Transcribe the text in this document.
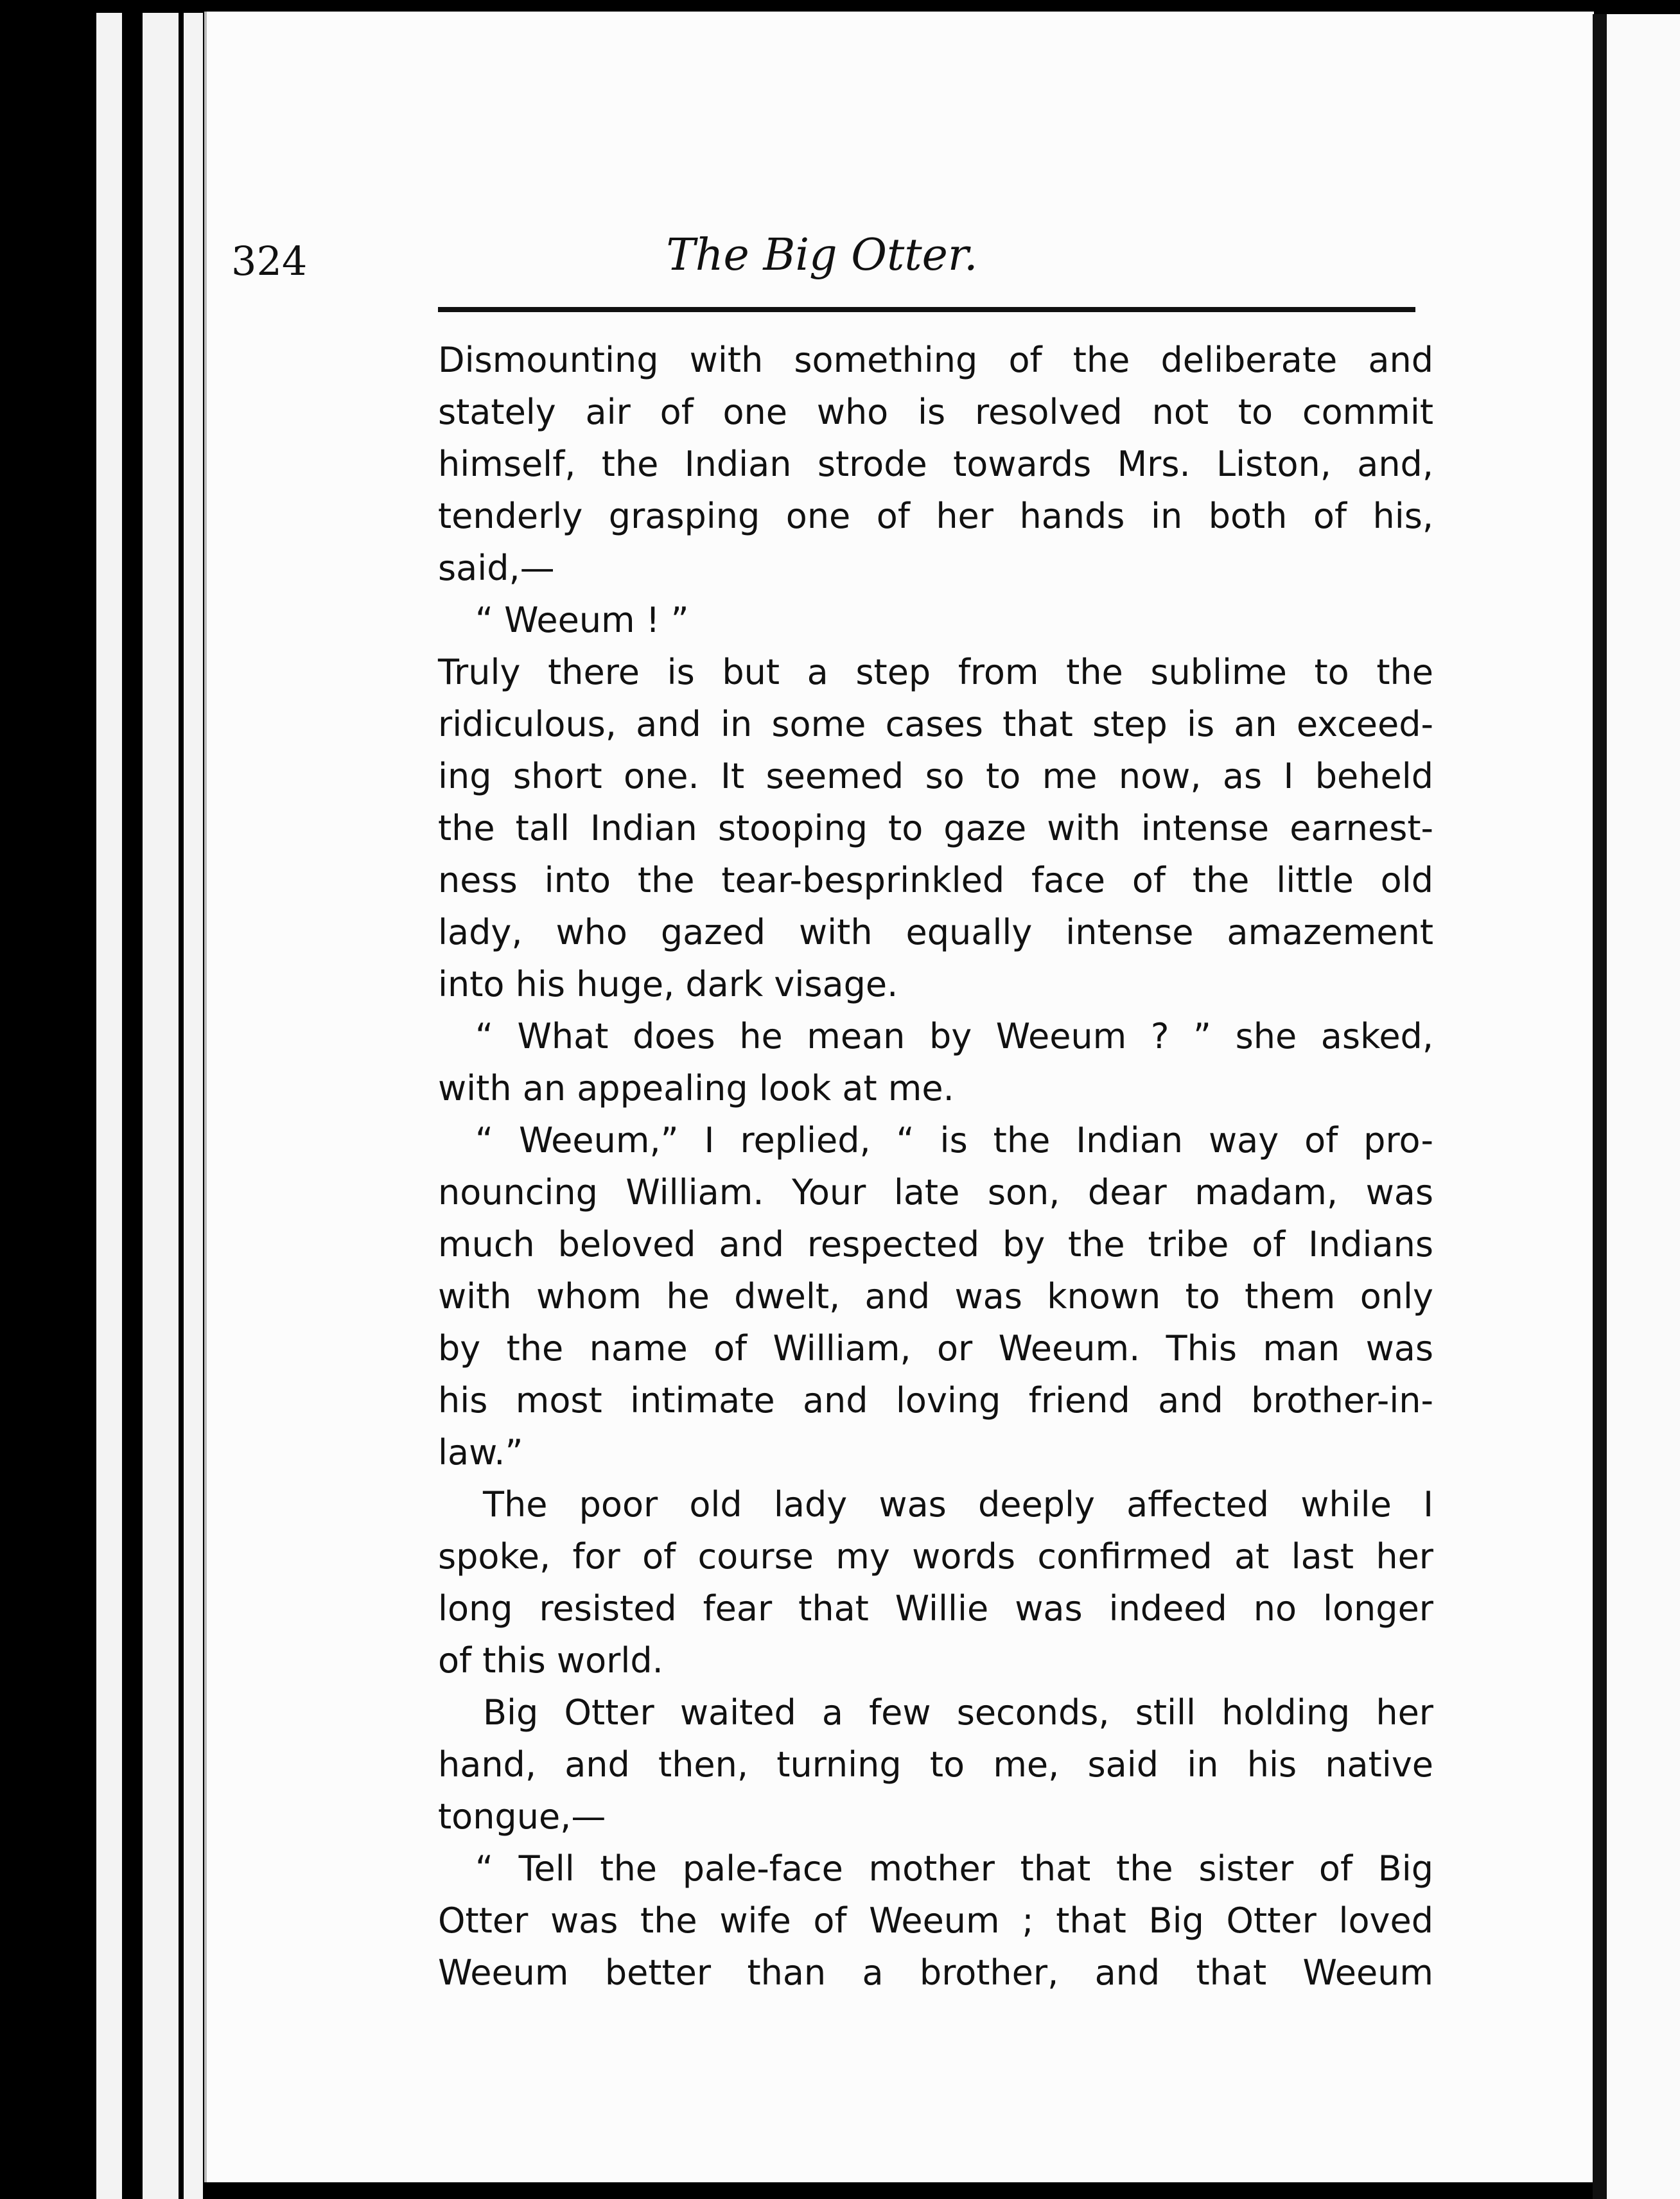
324	The Big Otter.
Dismounting with something of the deliberate and
stately air of one who is resolved not to commit
himself, the Indian strode towards Mrs. Liston, and,
tenderly grasping one of her hands in both of his,
said,—
“ Weeum ! ”
Truly there is but a step from the sublime to the
ridiculous, and in some cases that step is an exceed-
ing short one. It seemed so to me now, as I beheld
the tall Indian stooping to gaze with intense earnest-
ness into the tear-besprinkled face of the little old
lady, who gazed with equally intense amazement
into his huge, dark visage.
“ What does he mean by Weeum ? ” she asked,
with an appealing look at me.
“ Weeum,” I replied, “ is the Indian way of pro-
nouncing William. Your late son, dear madam, was
much beloved and respected by the tribe of Indians
with whom he dwelt, and was known to them only
by the name of William, or Weeum. This man was
his most intimate and loving friend and brother-in-
law.”
The poor old lady was deeply affected while I
spoke, for of course my words confirmed at last her
long resisted fear that Willie was indeed no longer
of this world.
Big Otter waited a few seconds, still holding her
hand, and then, turning to me, said in his native
tongue,—
“ Tell the pale-face mother that the sister of Big
Otter was the wife of Weeum ; that Big Otter loved
Weeum better than a brother, and that Weeum
